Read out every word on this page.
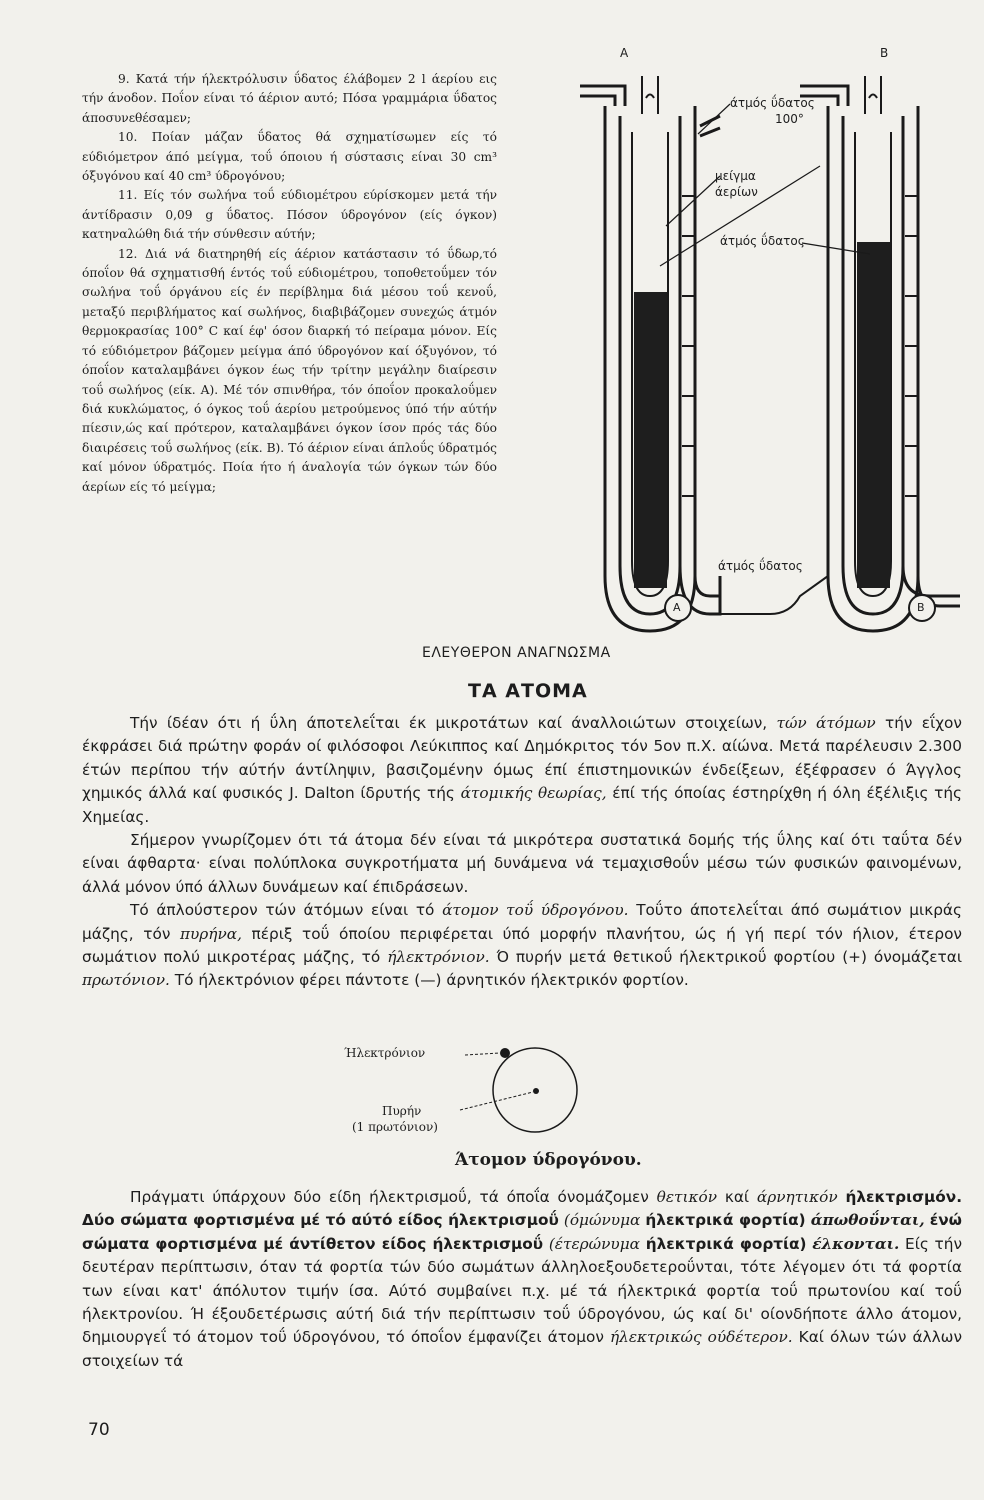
9. Κατά τήν ήλεκτρόλυσιν ΰδατος έλάβομεν 2 l άερίου εις τήν άνοδον. Ποΐον είναι τό άέριον αυτό; Πόσα γραμμάρια ΰδατος άποσυνεθέσαμεν;

10. Ποίαν μάζαν ΰδατος θά σχηματίσωμεν είς τό εύδιόμετρον άπό μείγμα, τοΰ όποιου ή σύστασις είναι 30 cm³ όξυγόνου καί 40 cm³ ύδρογόνου;

11. Είς τόν σωλήνα τοΰ εύδιομέτρου εύρίσκομεν μετά τήν άντίδρασιν 0,09 g ΰδατος. Πόσον ύδρογόνον (είς όγκον) κατηναλώθη διά τήν σύνθεσιν αύτήν;

12. Διά νά διατηρηθή είς άέριον κατάστασιν τό ΰδωρ,τό όποΐον θά σχηματισθή έντός τοΰ εύδιομέτρου, τοποθετοΰμεν τόν σωλήνα τοΰ όργάνου είς έν περίβλημα διά μέσου τοΰ κενοΰ, μεταξύ περιβλήματος καί σωλήνος, διαβιβάζομεν συνεχώς άτμόν θερμοκρασίας 100° C καί έφ' όσον διαρκή τό πείραμα μόνον. Είς τό εύδιόμετρον βάζομεν μείγμα άπό ύδρογόνον καί όξυγόνον, τό όποΐον καταλαμβάνει όγκον έως τήν τρίτην μεγάλην διαίρεσιν τοΰ σωλήνος (είκ. Α). Μέ τόν σπινθήρα, τόν όποΐον προκαλοΰμεν διά κυκλώματος, ό όγκος τοΰ άερίου μετρούμενος ύπό τήν αύτήν πίεσιν,ώς καί πρότερον, καταλαμβάνει όγκον ίσον πρός τάς δύο διαιρέσεις τοΰ σωλήνος (είκ. Β). Τό άέριον είναι άπλοΰς ύδρατμός καί μόνον ύδρατμός. Ποία ήτο ή άναλογία τών όγκων τών δύο άερίων είς τό μείγμα;

A	B
άτμός ΰδατος
100°
μείγμα
άερίων
άτμός ΰδατος
άτμός ΰδατος
A	B
ΕΛΕΥΘΕΡΟΝ ΑΝΑΓΝΩΣΜΑ
ΤΑ ΑΤΟΜΑ

Τήν ίδέαν ότι ή ΰλη άποτελεΐται έκ μικροτάτων καί άναλλοιώτων στοιχείων, τών άτόμων τήν εΐχον έκφράσει διά πρώτην φοράν οί φιλόσοφοι Λεύκιππος καί Δημόκριτος τόν 5ον π.Χ. αίώνα. Μετά παρέλευσιν 2.300 έτών περίπου τήν αύτήν άντίληψιν, βασιζομένην όμως έπί έπιστημονικών ένδείξεων, έξέφρασεν ό Άγγλος χημικός άλλά καί φυσικός J. Dalton ίδρυτής τής άτομικής θεωρίας, έπί τής όποίας έστηρίχθη ή όλη έξέλιξις τής Χημείας.

Σήμερον γνωρίζομεν ότι τά άτομα δέν είναι τά μικρότερα συστατικά δομής τής ΰλης καί ότι ταΰτα δέν είναι άφθαρτα· είναι πολύπλοκα συγκροτήματα μή δυνάμενα νά τεμαχισθοΰν μέσω τών φυσικών φαινομένων, άλλά μόνον ύπό άλλων δυνάμεων καί έπιδράσεων.

Τό άπλούστερον τών άτόμων είναι τό άτομον τοΰ ύδρογόνου. Τοΰτο άποτελεΐται άπό σωμάτιον μικράς μάζης, τόν πυρήνα, πέριξ τοΰ όποίου περιφέρεται ύπό μορφήν πλανήτου, ώς ή γή περί τόν ήλιον, έτερον σωμάτιον πολύ μικροτέρας μάζης, τό ήλεκτρόνιον. Ό πυρήν μετά θετικοΰ ήλεκτρικοΰ φορτίου (+) όνομάζεται πρωτόνιον. Τό ήλεκτρόνιον φέρει πάντοτε (—) άρνητικόν ήλεκτρικόν φορτίον.

Ήλεκτρόνιον
Πυρήν
(1 πρωτόνιον)
Άτομον ύδρογόνου.

Πράγματι ύπάρχουν δύο είδη ήλεκτρισμοΰ, τά όποΐα όνομάζομεν θετικόν καί άρνητικόν ήλεκτρισμόν. Δύο σώματα φορτισμένα μέ τό αύτό είδος ήλεκτρισμοΰ (όμώνυμα ήλεκτρικά φορτία) άπωθοΰνται, ένώ σώματα φορτισμένα μέ άντίθετον είδος ήλεκτρισμοΰ (έτερώνυμα ήλεκτρικά φορτία) έλκονται. Είς τήν δευτέραν περίπτωσιν, όταν τά φορτία τών δύο σωμάτων άλληλοεξουδετεροΰνται, τότε λέγομεν ότι τά φορτία των είναι κατ' άπόλυτον τιμήν ίσα. Αύτό συμβαίνει π.χ. μέ τά ήλεκτρικά φορτία τοΰ πρωτονίου καί τοΰ ήλεκτρονίου. Ή έξουδετέρωσις αύτή διά τήν περίπτωσιν τοΰ ύδρογόνου, ώς καί δι' οίονδήποτε άλλο άτομον, δημιουργεΐ τό άτομον τοΰ ύδρογόνου, τό όποΐον έμφανίζει άτομον ήλεκτρικώς ούδέτερον. Καί όλων τών άλλων στοιχείων τά

70
